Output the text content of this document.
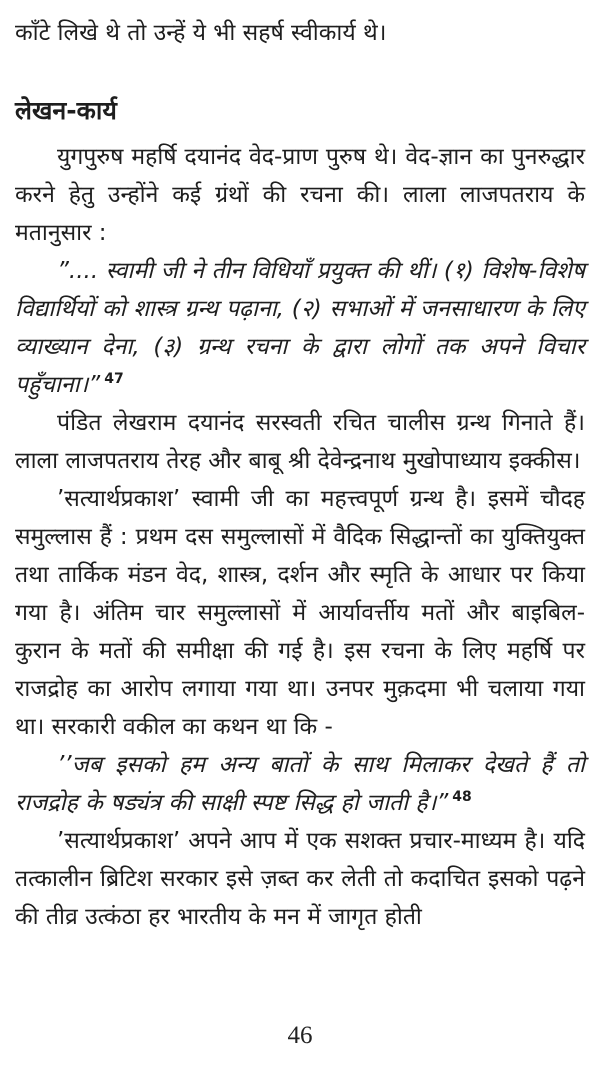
काँटे लिखे थे तो उन्हें ये भी सहर्ष स्वीकार्य थे।

लेखन-कार्य

युगपुरुष महर्षि दयानंद वेद-प्राण पुरुष थे। वेद-ज्ञान का पुनरुद्धार करने हेतु उन्होंने कई ग्रंथों की रचना की। लाला लाजपतराय के मतानुसार :

”.... स्वामी जी ने तीन विधियाँ प्रयुक्त की थीं। (१) विशेष-विशेष विद्यार्थियों को शास्त्र ग्रन्थ पढ़ाना, (२) सभाओं में जनसाधारण के लिए व्याख्यान देना, (३) ग्रन्थ रचना के द्वारा लोगों तक अपने विचार पहुँचाना।” $^{47}$

पंडित लेखराम दयानंद सरस्वती रचित चालीस ग्रन्थ गिनाते हैं। लाला लाजपतराय तेरह और बाबू श्री देवेन्द्रनाथ मुखोपाध्याय इक्कीस।

’सत्यार्थप्रकाश’ स्वामी जी का महत्त्वपूर्ण ग्रन्थ है। इसमें चौदह समुल्लास हैं : प्रथम दस समुल्लासों में वैदिक सिद्धान्तों का युक्तियुक्त तथा तार्किक मंडन वेद, शास्त्र, दर्शन और स्मृति के आधार पर किया गया है। अंतिम चार समुल्लासों में आर्यावर्त्तीय मतों और बाइबिल-कुरान के मतों की समीक्षा की गई है। इस रचना के लिए महर्षि पर राजद्रोह का आरोप लगाया गया था। उनपर मुक़दमा भी चलाया गया था। सरकारी वकील का कथन था कि -

’’जब इसको हम अन्य बातों के साथ मिलाकर देखते हैं तो राजद्रोह के षड्यंत्र की साक्षी स्पष्ट सिद्ध हो जाती है।” $^{48}$

’सत्यार्थप्रकाश’ अपने आप में एक सशक्त प्रचार-माध्यम है। यदि तत्कालीन ब्रिटिश सरकार इसे ज़ब्त कर लेती तो कदाचित इसको पढ़ने की तीव्र उत्कंठा हर भारतीय के मन में जागृत होती

46
